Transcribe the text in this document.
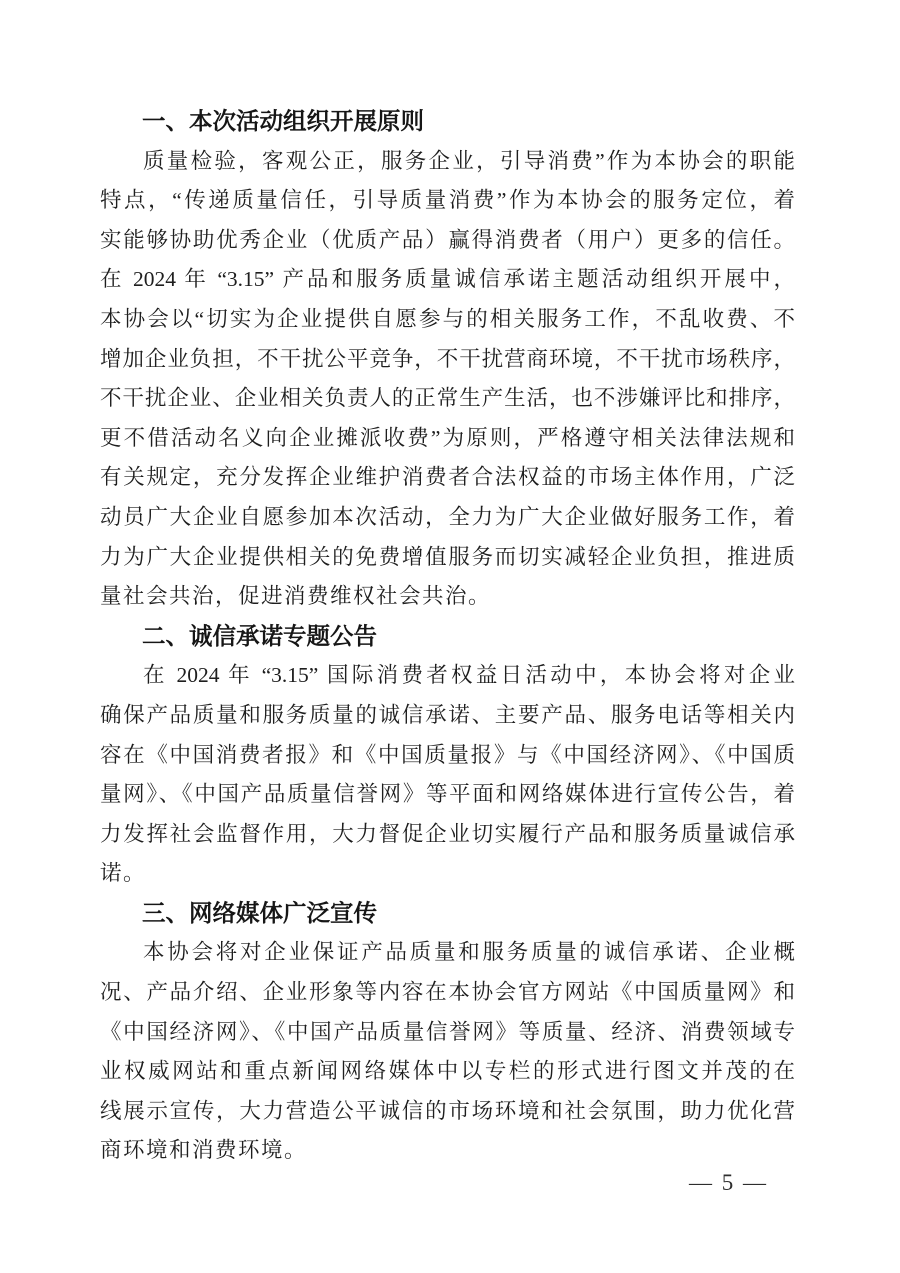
一、本次活动组织开展原则
质量检验，客观公正，服务企业，引导消费”作为本协会的职能
特点，“传递质量信任，引导质量消费”作为本协会的服务定位，着
实能够协助优秀企业（优质产品）赢得消费者（用户）更多的信任。
在 2024 年 “3.15” 产品和服务质量诚信承诺主题活动组织开展中，
本协会以“切实为企业提供自愿参与的相关服务工作，不乱收费、不
增加企业负担，不干扰公平竞争，不干扰营商环境，不干扰市场秩序，
不干扰企业、企业相关负责人的正常生产生活，也不涉嫌评比和排序，
更不借活动名义向企业摊派收费”为原则，严格遵守相关法律法规和
有关规定，充分发挥企业维护消费者合法权益的市场主体作用，广泛
动员广大企业自愿参加本次活动，全力为广大企业做好服务工作，着
力为广大企业提供相关的免费增值服务而切实减轻企业负担，推进质
量社会共治，促进消费维权社会共治。
二、诚信承诺专题公告
在 2024 年 “3.15” 国际消费者权益日活动中，本协会将对企业
确保产品质量和服务质量的诚信承诺、主要产品、服务电话等相关内
容在《中国消费者报》和《中国质量报》与《中国经济网》、《中国质
量网》、《中国产品质量信誉网》等平面和网络媒体进行宣传公告，着
力发挥社会监督作用，大力督促企业切实履行产品和服务质量诚信承
诺。
三、网络媒体广泛宣传
本协会将对企业保证产品质量和服务质量的诚信承诺、企业概
况、产品介绍、企业形象等内容在本协会官方网站《中国质量网》和
《中国经济网》、《中国产品质量信誉网》等质量、经济、消费领域专
业权威网站和重点新闻网络媒体中以专栏的形式进行图文并茂的在
线展示宣传，大力营造公平诚信的市场环境和社会氛围，助力优化营
商环境和消费环境。
— 5 —
